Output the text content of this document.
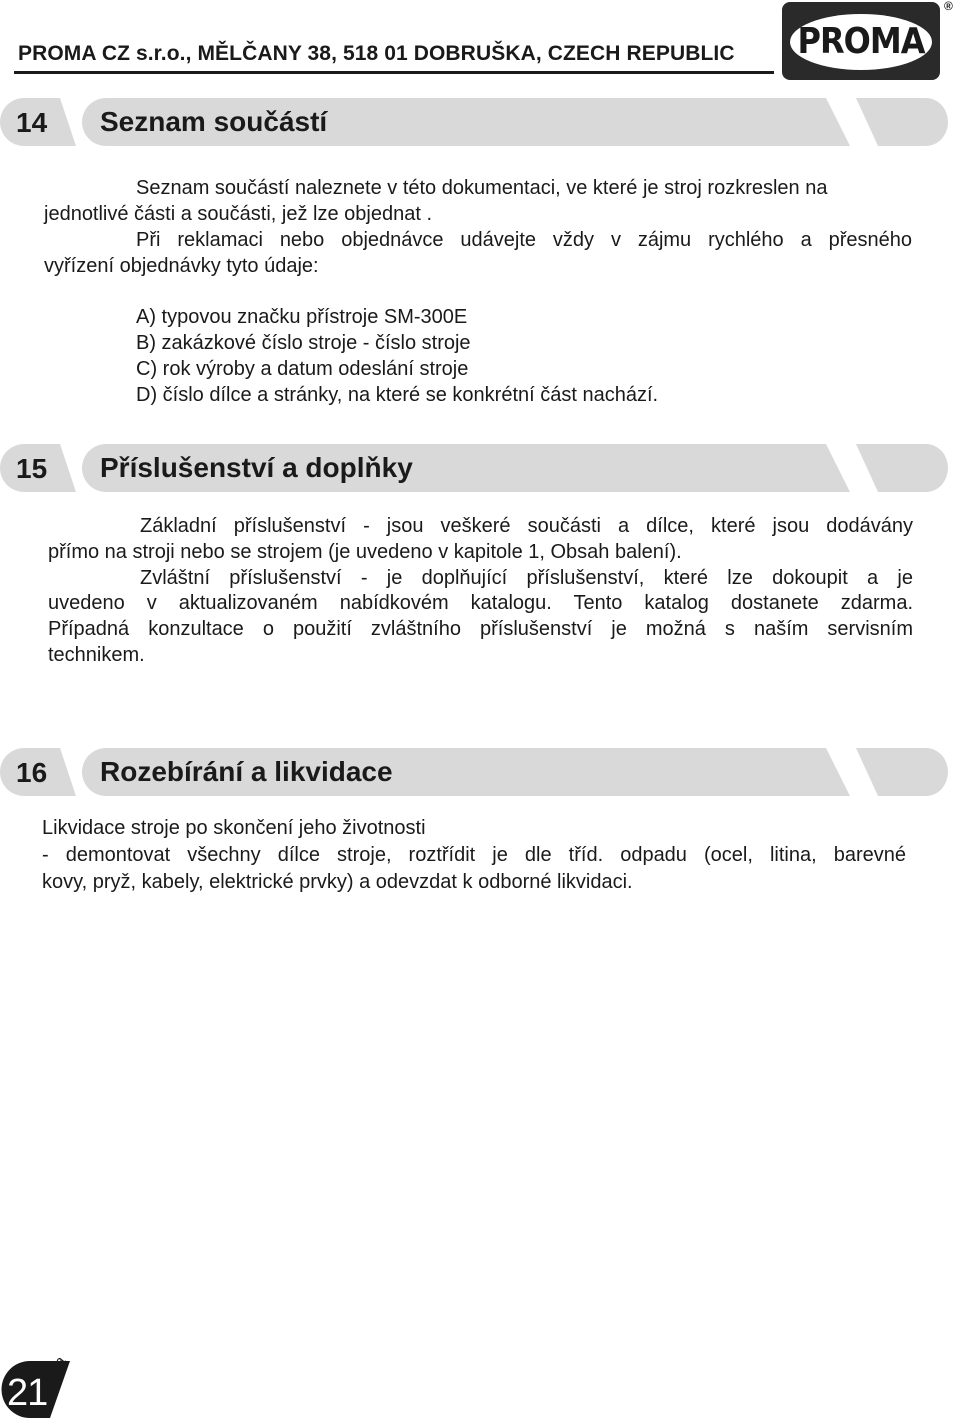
PROMA CZ s.r.o., MĚLČANY 38, 518 01 DOBRUŠKA, CZECH REPUBLIC PROMA
®
14 Seznam součástí
Seznam součástí naleznete v této dokumentaci, ve které je stroj rozkreslen na
jednotlivé části a součásti, jež lze objednat .
Při reklamaci nebo objednávce udávejte vždy v zájmu rychlého a přesného
vyřízení objednávky tyto údaje:
A) typovou značku přístroje SM-300E
B) zakázkové číslo stroje - číslo stroje
C) rok výroby a datum odeslání stroje
D) číslo dílce a stránky, na které se konkrétní část nachází.
15 Příslušenství a doplňky
Základní příslušenství - jsou veškeré součásti a dílce, které jsou dodávány
přímo na stroji nebo se strojem (je uvedeno v kapitole 1, Obsah balení).
Zvláštní příslušenství - je doplňující příslušenství, které lze dokoupit a je
uvedeno v aktualizovaném nabídkovém katalogu. Tento katalog dostanete zdarma.
Případná konzultace o použití zvláštního příslušenství je možná s naším servisním
technikem.
16 Rozebírání a likvidace
Likvidace stroje po skončení jeho životnosti
- demontovat všechny dílce stroje, roztřídit je dle tříd. odpadu (ocel, litina, barevné
kovy, pryž, kabely, elektrické prvky) a odevzdat k odborné likvidaci.
21
strana
